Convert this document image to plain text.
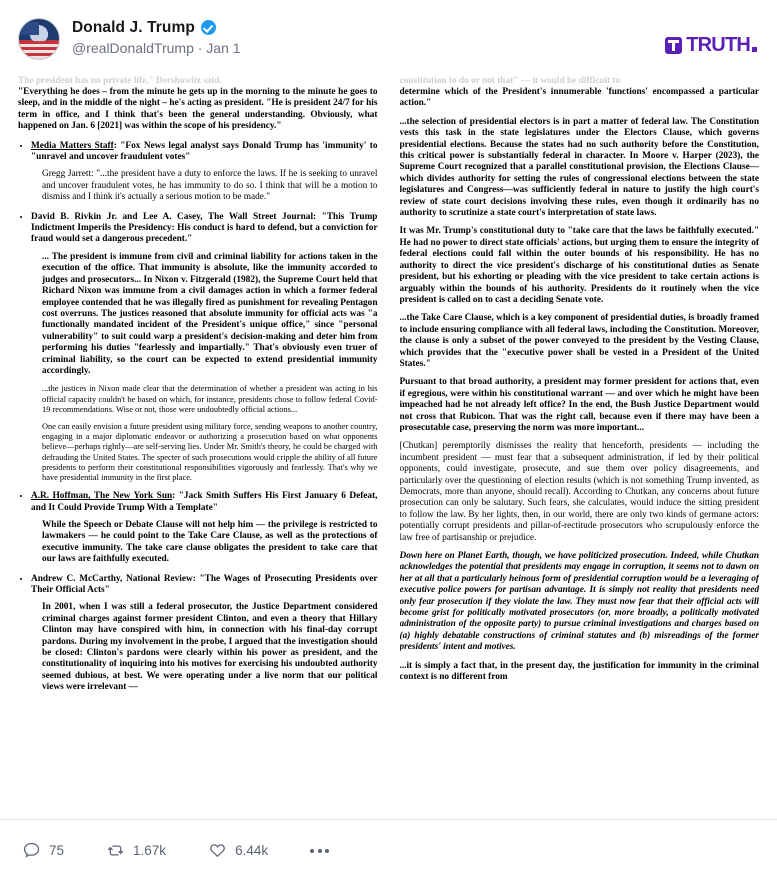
Donald J. Trump
@realDonaldTrump · Jan 1	TRUTH

The president has no private life," Dershowitz said.

"Everything he does – from the minute he gets up in the morning to the minute he goes to sleep, and in the middle of the night – he's acting as president. "He is president 24/7 for his term in office, and I think that's been the general understanding. Obviously, what happened on Jan. 6 [2021] was within the scope of his presidency."

• Media Matters Staff: "Fox News legal analyst says Donald Trump has 'immunity' to "unravel and uncover fraudulent votes"

Gregg Jarrett: "...the president have a duty to enforce the laws. If he is seeking to unravel and uncover fraudulent votes, he has immunity to do so. I think that will be a motion to dismiss and I think it's actually a serious motion to be made."

• David B. Rivkin Jr. and Lee A. Casey, The Wall Street Journal: "This Trump Indictment Imperils the Presidency: His conduct is hard to defend, but a conviction for fraud would set a dangerous precedent."

... The president is immune from civil and criminal liability for actions taken in the execution of the office. That immunity is absolute, like the immunity accorded to judges and prosecutors... In Nixon v. Fitzgerald (1982), the Supreme Court held that Richard Nixon was immune from a civil damages action in which a former federal employee contended that he was illegally fired as punishment for revealing Pentagon cost overruns. The justices reasoned that absolute immunity for official acts was "a functionally mandated incident of the President's unique office," since "personal vulnerability" to suit could warp a president's decision-making and deter him from performing his duties "fearlessly and impartially." That's obviously even truer of criminal liability, so the court can be expected to extend presidential immunity accordingly.

...the justices in Nixon made clear that the determination of whether a president was acting in his official capacity couldn't be based on which, for instance, presidents chose to follow federal Covid-19 recommendations. Wise or not, those were undoubtedly official actions...

One can easily envision a future president using military force, sending weapons to another country, engaging in a major diplomatic endeavor or authorizing a prosecution based on what opponents believe—perhaps rightly—are self-serving lies. Under Mr. Smith's theory, he could be charged with defrauding the United States. The specter of such prosecutions would cripple the ability of all future presidents to perform their constitutional responsibilities vigorously and fearlessly. That's why we have presidential immunity in the first place.

• A.R. Hoffman, The New York Sun: "Jack Smith Suffers His First January 6 Defeat, and It Could Provide Trump With a Template"

While the Speech or Debate Clause will not help him — the privilege is restricted to lawmakers — he could point to the Take Care Clause, as well as the protections of executive immunity. The take care clause obligates the president to take care that our laws are faithfully executed.

• Andrew C. McCarthy, National Review: "The Wages of Prosecuting Presidents over Their Official Acts"

In 2001, when I was still a federal prosecutor, the Justice Department considered criminal charges against former president Clinton, and even a theory that Hillary Clinton may have conspired with him, in connection with his final-day corrupt pardons. During my involvement in the probe, I argued that the investigation should be closed: Clinton's pardons were clearly within his power as president, and the constitutionality of inquiring into his motives for exercising his undoubted authority seemed dubious, at best. We were operating under a live norm that our political views were irrelevant —

constitution to do or not that" — it would be difficult to

determine which of the President's innumerable 'functions' encompassed a particular action."

...the selection of presidential electors is in part a matter of federal law. The Constitution vests this task in the state legislatures under the Electors Clause, which governs presidential elections. Because the states had no such authority before the Constitution, this critical power is substantially federal in character. In Moore v. Harper (2023), the Supreme Court recognized that a parallel constitutional provision, the Elections Clause—which divides authority for setting the rules of congressional elections between the state legislatures and Congress—was sufficiently federal in nature to justify the high court's review of state court decisions involving these rules, even though it ordinarily has no authority to scrutinize a state court's interpretation of state laws.

It was Mr. Trump's constitutional duty to "take care that the laws be faithfully executed." He had no power to direct state officials' actions, but urging them to ensure the integrity of federal elections could fall within the outer bounds of his responsibility. He has no authority to direct the vice president's discharge of his constitutional duties as Senate president, but his exhorting or pleading with the vice president to take certain actions is arguably within the bounds of his authority. Presidents do it routinely when the vice president is called on to cast a deciding Senate vote.

...the Take Care Clause, which is a key component of presidential duties, is broadly framed to include ensuring compliance with all federal laws, including the Constitution. Moreover, the clause is only a subset of the power conveyed to the president by the Vesting Clause, which provides that the "executive power shall be vested in a President of the United States."

Pursuant to that broad authority, a president may former president for actions that, even if egregious, were within his constitutional warrant — and over which he might have been impeached had he not already left office? In the end, the Bush Justice Department would not cross that Rubicon. That was the right call, because even if there may have been a prosecutable case, preserving the norm was more important...

[Chutkan] peremptorily dismisses the reality that henceforth, presidents — including the incumbent president — must fear that a subsequent administration, if led by their political opponents, could investigate, prosecute, and sue them over policy disagreements, and particularly over the questioning of election results (which is not something Trump invented, as Democrats, more than anyone, should recall). According to Chutkan, any concerns about future prosecution can only be salutary. Such fears, she calculates, would induce the sitting president to follow the law. By her lights, then, in our world, there are only two kinds of germane actors: potentially corrupt presidents and pillar-of-rectitude prosecutors who scrupulously enforce the law free of partisanship or prejudice.

Down here on Planet Earth, though, we have politicized prosecution. Indeed, while Chutkan acknowledges the potential that presidents may engage in corruption, it seems not to dawn on her at all that a particularly heinous form of presidential corruption would be a leveraging of executive police powers for partisan advantage. It is simply not reality that presidents need only fear prosecution if they violate the law. They must now fear that their official acts will become grist for politically motivated prosecutors (or, more broadly, a politically motivated administration of the opposite party) to pursue criminal investigations and charges based on (a) highly debatable constructions of criminal statutes and (b) misreadings of the former presidents' intent and motives.

...it is simply a fact that, in the present day, the justification for immunity in the criminal context is no different from

75	1.67k	6.44k
